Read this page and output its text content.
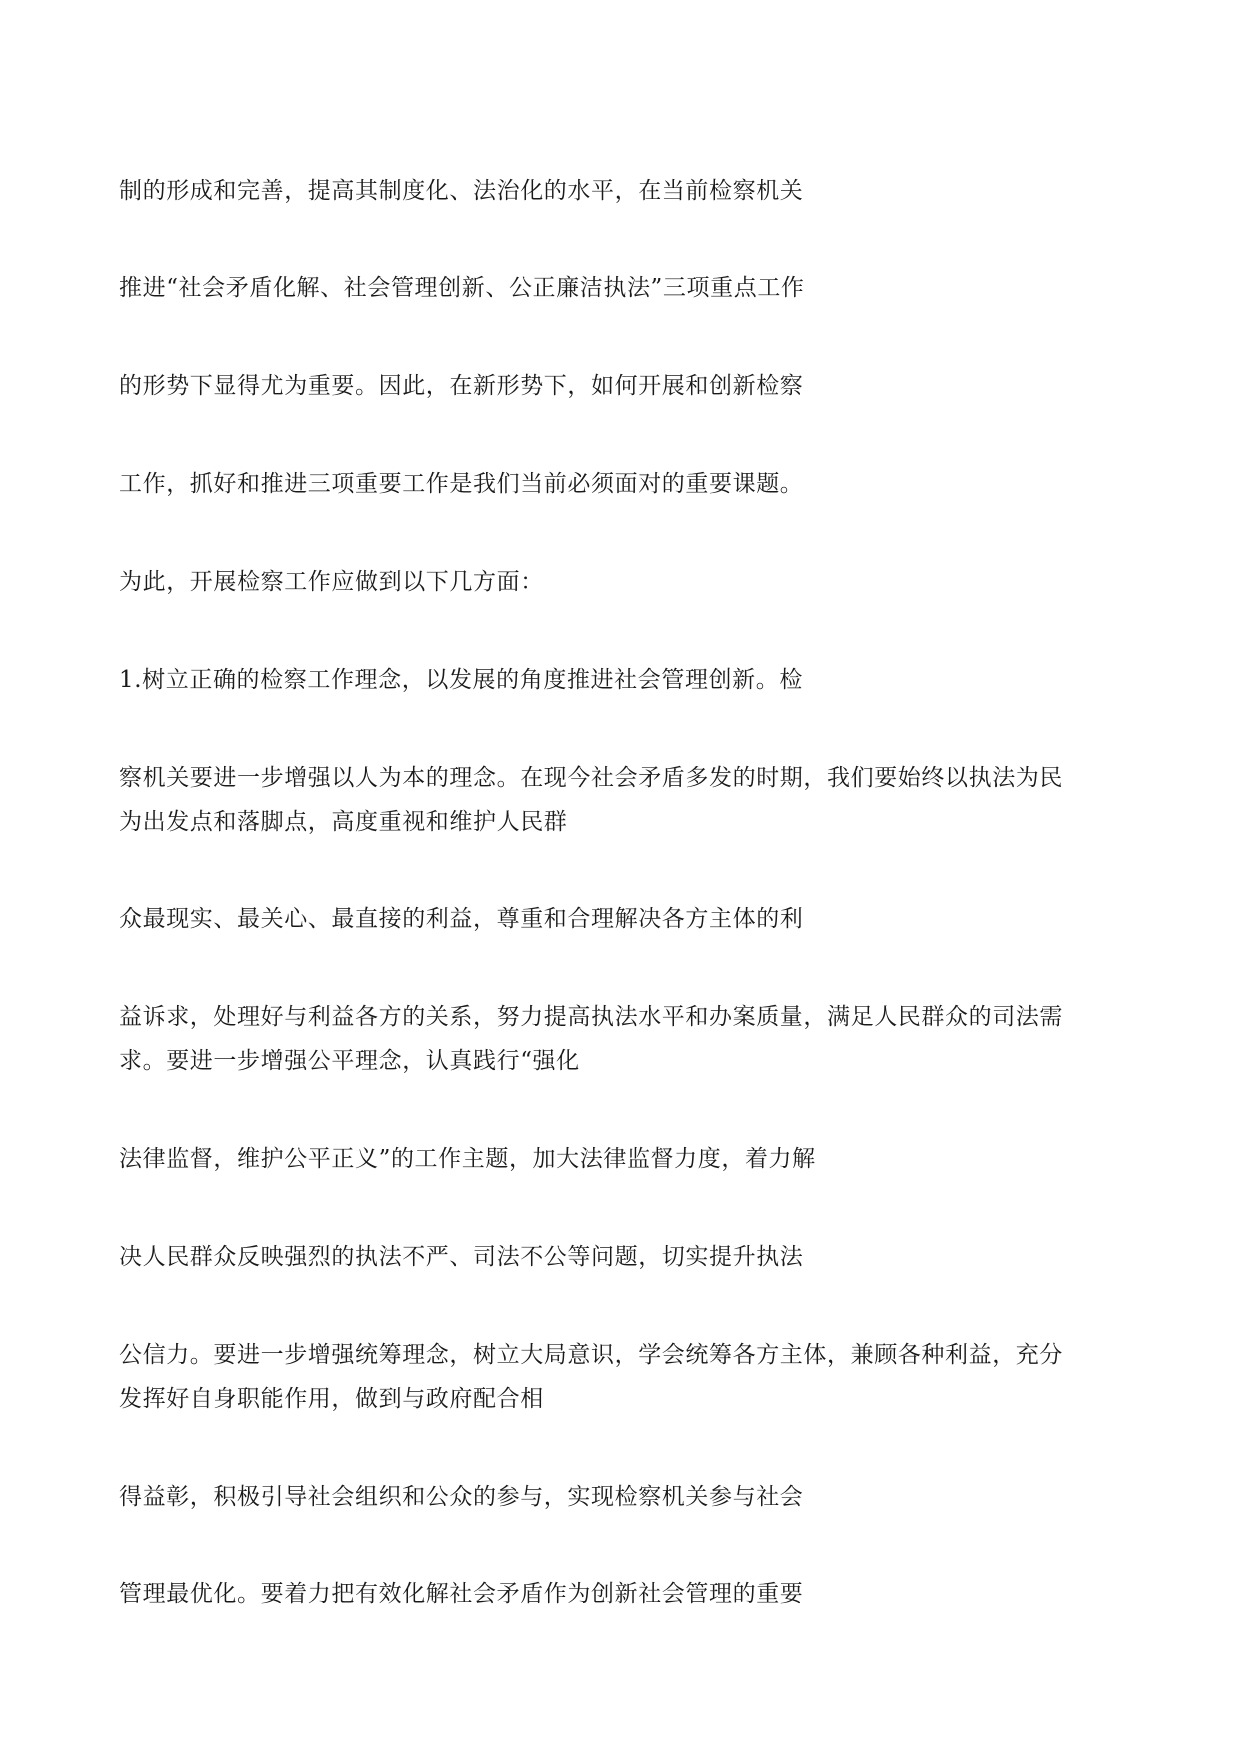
制的形成和完善，提高其制度化、法治化的水平，在当前检察机关

推进“社会矛盾化解、社会管理创新、公正廉洁执法”三项重点工作

的形势下显得尤为重要。因此，在新形势下，如何开展和创新检察

工作，抓好和推进三项重要工作是我们当前必须面对的重要课题。

为此，开展检察工作应做到以下几方面：

1.树立正确的检察工作理念，以发展的角度推进社会管理创新。检

察机关要进一步增强以人为本的理念。在现今社会矛盾多发的时期，我们要始终以执法为民

为出发点和落脚点，高度重视和维护人民群

众最现实、最关心、最直接的利益，尊重和合理解决各方主体的利

益诉求，处理好与利益各方的关系，努力提高执法水平和办案质量，满足人民群众的司法需

求。要进一步增强公平理念，认真践行“强化

法律监督，维护公平正义”的工作主题，加大法律监督力度，着力解

决人民群众反映强烈的执法不严、司法不公等问题，切实提升执法

公信力。要进一步增强统筹理念，树立大局意识，学会统筹各方主体，兼顾各种利益，充分

发挥好自身职能作用，做到与政府配合相

得益彰，积极引导社会组织和公众的参与，实现检察机关参与社会

管理最优化。要着力把有效化解社会矛盾作为创新社会管理的重要
